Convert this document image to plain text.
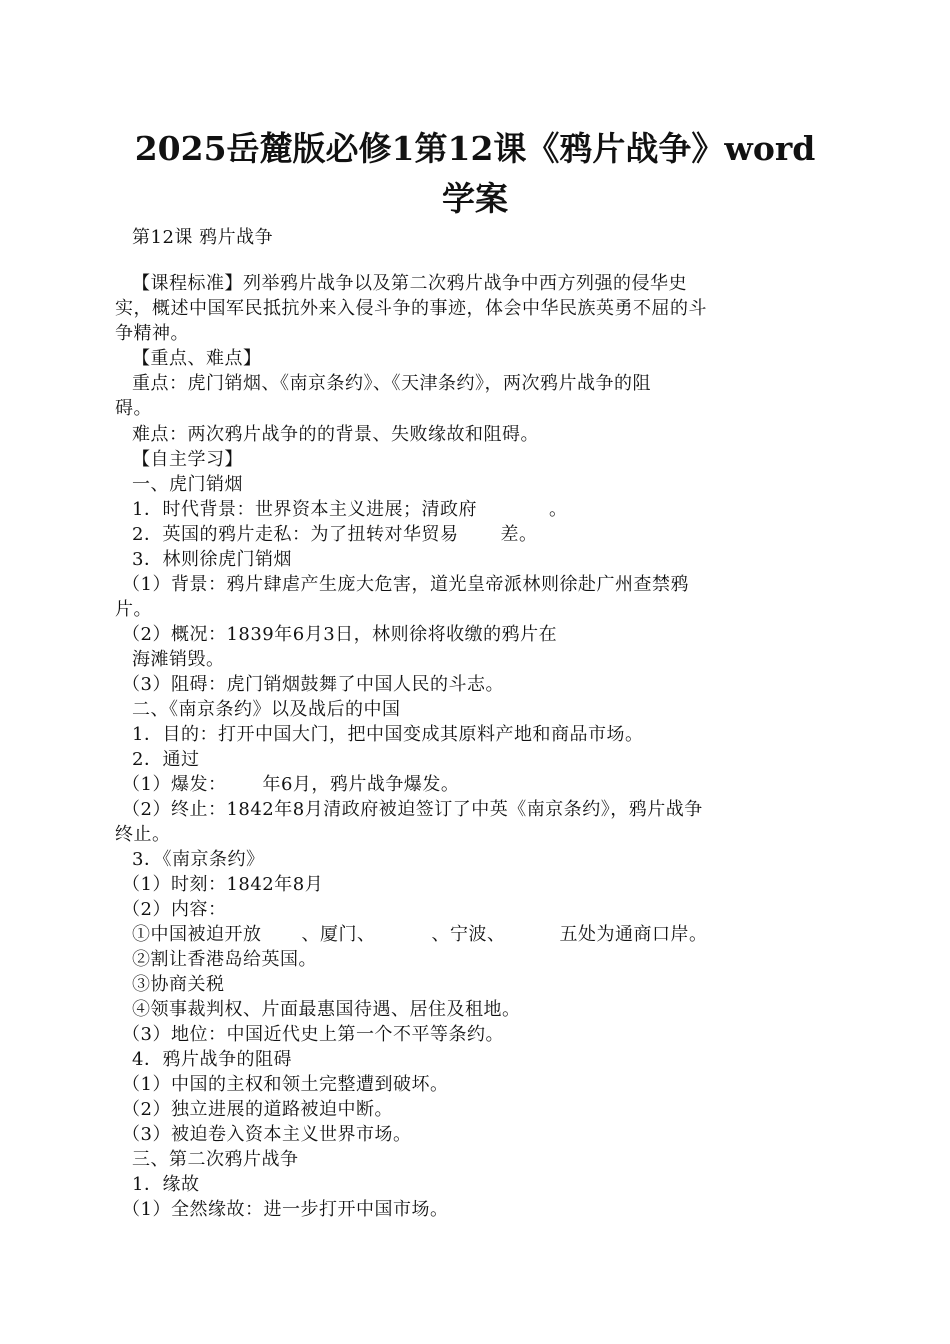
2025岳麓版必修1第12课《鸦片战争》word
学案
第12课 鸦片战争
【课程标准】列举鸦片战争以及第二次鸦片战争中西方列强的侵华史
实，概述中国军民抵抗外来入侵斗争的事迹，体会中华民族英勇不屈的斗
争精神。
【重点、难点】
重点：虎门销烟、《南京条约》、《天津条约》，两次鸦片战争的阻
碍。
难点：两次鸦片战争的的背景、失败缘故和阻碍。
【自主学习】
一、虎门销烟
1．时代背景：世界资本主义进展；清政府	。
2．英国的鸦片走私：为了扭转对华贸易 差。
3．林则徐虎门销烟
（1）背景：鸦片肆虐产生庞大危害，道光皇帝派林则徐赴广州查禁鸦
片。
（2）概况：1839年6月3日，林则徐将收缴的鸦片在
海滩销毁。
（3）阻碍：虎门销烟鼓舞了中国人民的斗志。
二、《南京条约》以及战后的中国
1．目的：打开中国大门，把中国变成其原料产地和商品市场。
2．通过
（1）爆发： 年6月，鸦片战争爆发。
（2）终止：1842年8月清政府被迫签订了中英《南京条约》，鸦片战争
终止。
3．《南京条约》
（1）时刻：1842年8月
（2）内容：
①中国被迫开放 、厦门、	、宁波、	五处为通商口岸。
②割让香港岛给英国。
③协商关税
④领事裁判权、片面最惠国待遇、居住及租地。
（3）地位：中国近代史上第一个不平等条约。
4．鸦片战争的阻碍
（1）中国的主权和领土完整遭到破坏。
（2）独立进展的道路被迫中断。
（3）被迫卷入资本主义世界市场。
三、第二次鸦片战争
1．缘故
（1）全然缘故：进一步打开中国市场。
